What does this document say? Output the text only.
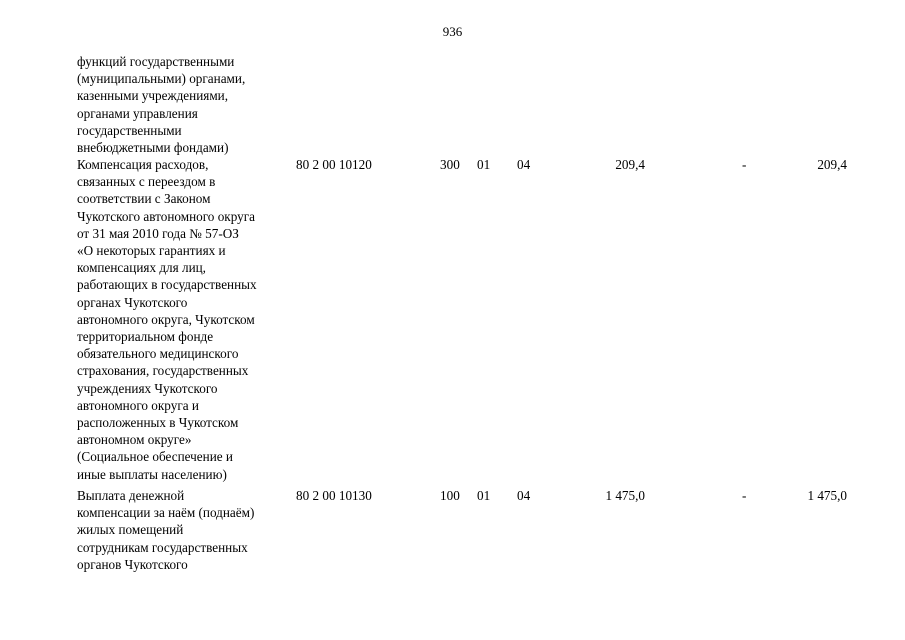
936
функций государственными
(муниципальными) органами,
казенными учреждениями,
органами управления
государственными
внебюджетными фондами)
Компенсация расходов,
связанных с переездом в
соответствии с Законом
Чукотского автономного округа
от 31 мая 2010 года № 57-ОЗ
«О некоторых гарантиях и
компенсациях для лиц,
работающих в государственных
органах Чукотского
автономного округа, Чукотском
территориальном фонде
обязательного медицинского
страхования, государственных
учреждениях Чукотского
автономного округа и
расположенных в Чукотском
автономном округе»
(Социальное обеспечение и
иные выплаты населению)
80 2 00 10120	300 01 04	209,4	-	209,4
Выплата денежной
компенсации за наём (поднаём)
жилых помещений
сотрудникам государственных
органов Чукотского
80 2 00 10130	100 01 04	1 475,0	-	1 475,0
